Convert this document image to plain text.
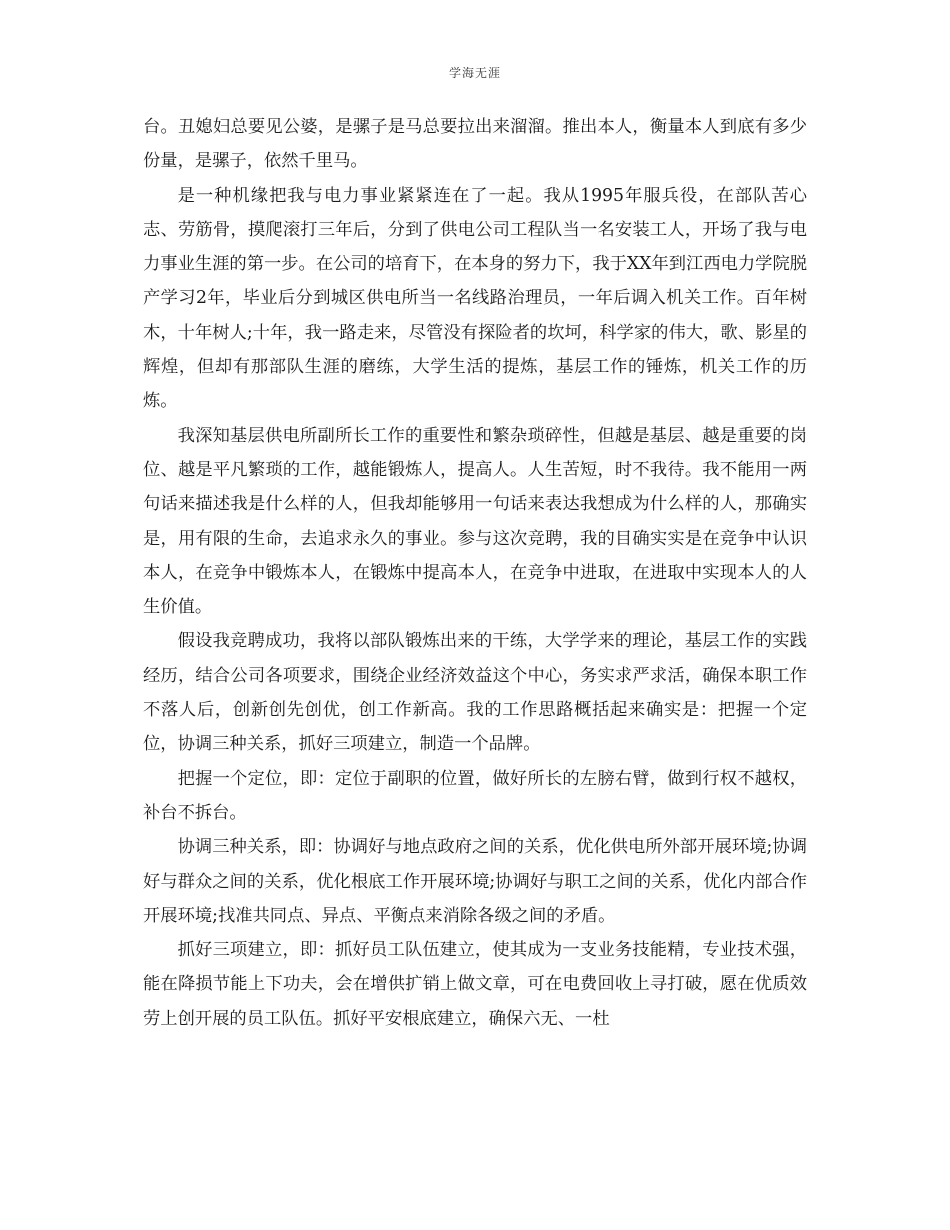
学海无涯

台。丑媳妇总要见公婆，是骡子是马总要拉出来溜溜。推出本人，衡量本人到底有多少份量，是骡子，依然千里马。

是一种机缘把我与电力事业紧紧连在了一起。我从1995年服兵役，在部队苦心志、劳筋骨，摸爬滚打三年后，分到了供电公司工程队当一名安装工人，开场了我与电力事业生涯的第一步。在公司的培育下，在本身的努力下，我于XX年到江西电力学院脱产学习2年，毕业后分到城区供电所当一名线路治理员，一年后调入机关工作。百年树木，十年树人;十年，我一路走来，尽管没有探险者的坎坷，科学家的伟大，歌、影星的辉煌，但却有那部队生涯的磨练，大学生活的提炼，基层工作的锤炼，机关工作的历炼。

我深知基层供电所副所长工作的重要性和繁杂琐碎性，但越是基层、越是重要的岗位、越是平凡繁琐的工作，越能锻炼人，提高人。人生苦短，时不我待。我不能用一两句话来描述我是什么样的人，但我却能够用一句话来表达我想成为什么样的人，那确实是，用有限的生命，去追求永久的事业。参与这次竞聘，我的目确实实是在竞争中认识本人，在竞争中锻炼本人，在锻炼中提高本人，在竞争中进取，在进取中实现本人的人生价值。

假设我竞聘成功，我将以部队锻炼出来的干练，大学学来的理论，基层工作的实践经历，结合公司各项要求，围绕企业经济效益这个中心，务实求严求活，确保本职工作不落人后，创新创先创优，创工作新高。我的工作思路概括起来确实是：把握一个定位，协调三种关系，抓好三项建立，制造一个品牌。

把握一个定位，即：定位于副职的位置，做好所长的左膀右臂，做到行权不越权，补台不拆台。

协调三种关系，即：协调好与地点政府之间的关系，优化供电所外部开展环境;协调好与群众之间的关系，优化根底工作开展环境;协调好与职工之间的关系，优化内部合作开展环境;找准共同点、异点、平衡点来消除各级之间的矛盾。

抓好三项建立，即：抓好员工队伍建立，使其成为一支业务技能精，专业技术强，能在降损节能上下功夫，会在增供扩销上做文章，可在电费回收上寻打破，愿在优质效劳上创开展的员工队伍。抓好平安根底建立，确保六无、一杜
